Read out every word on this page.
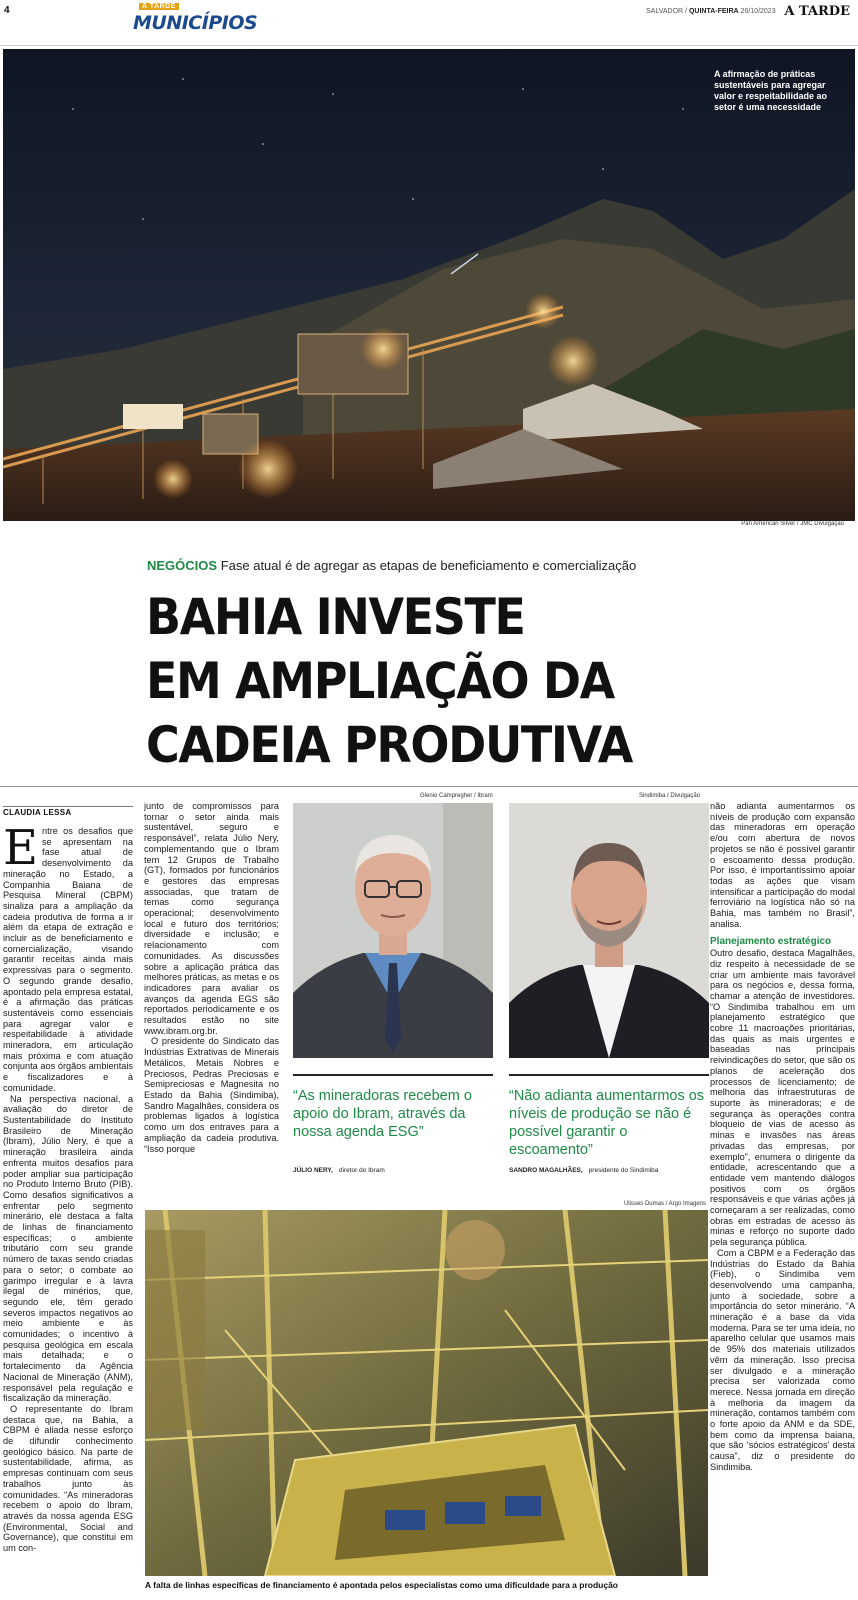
4	A TARDE
MUNICÍPIOS
SALVADOR / QUINTA-FEIRA 26/10/2023 A TARDE
A afirmação de práticas sustentáveis para agregar valor e respeitabilidade ao setor é uma necessidade
Pan American Silver / JMC Divulgação
NEGÓCIOS Fase atual é de agregar as etapas de beneficiamento e comercialização
BAHIA INVESTE
EM AMPLIAÇÃO DA
CADEIA PRODUTIVA
CLAUDIA LESSA

Entre os desafios que se apresentam na fase atual de desenvolvimento da mineração no Estado, a Companhia Baiana de Pesquisa Mineral (CBPM) sinaliza para a ampliação da cadeia produtiva de forma a ir além da etapa de extração e incluir as de beneficiamento e comercialização, visando garantir receitas ainda mais expressivas para o segmento. O segundo grande desafio, apontado pela empresa estatal, é a afirmação das práticas sustentáveis como essenciais para agregar valor e respeitabilidade à atividade mineradora, em articulação mais próxima e com atuação conjunta aos órgãos ambientais e fiscalizadores e à comunidade.

Na perspectiva nacional, a avaliação do diretor de Sustentabilidade do Instituto Brasileiro de Mineração (Ibram), Júlio Nery, é que a mineração brasileira ainda enfrenta muitos desafios para poder ampliar sua participação no Produto Interno Bruto (PIB). Como desafios significativos a enfrentar pelo segmento minerário, ele destaca a falta de linhas de financiamento específicas; o ambiente tributário com seu grande número de taxas sendo criadas para o setor; o combate ao garimpo irregular e à lavra ilegal de minérios, que, segundo ele, têm gerado severos impactos negativos ao meio ambiente e às comunidades; o incentivo à pesquisa geológica em escala mais detalhada; e o fortalecimento da Agência Nacional de Mineração (ANM), responsável pela regulação e fiscalização da mineração.

O representante do Ibram destaca que, na Bahia, a CBPM é aliada nesse esforço de difundir conhecimento geológico básico. Na parte de sustentabilidade, afirma, as empresas continuam com seus trabalhos junto às comunidades. “As mineradoras recebem o apoio do Ibram, através da nossa agenda ESG (Environmental, Social and Governance), que constitui em um con-

junto de compromissos para tornar o setor ainda mais sustentável, seguro e responsável”, relata Júlio Nery, complementando que o Ibram tem 12 Grupos de Trabalho (GT), formados por funcionários e gestores das empresas associadas, que tratam de temas como segurança operacional; desenvolvimento local e futuro dos territórios; diversidade e inclusão; e relacionamento com comunidades. As discussões sobre a aplicação prática das melhores práticas, as metas e os indicadores para avaliar os avanços da agenda EGS são reportados periodicamente e os resultados estão no site www.ibram.org.br.

O presidente do Sindicato das Indústrias Extrativas de Minerais Metálicos, Metais Nobres e Preciosos, Pedras Preciosas e Semipreciosas e Magnesita no Estado da Bahia (Sindimiba), Sandro Magalhães, considera os problemas ligados à logística como um dos entraves para a ampliação da cadeia produtiva. “Isso porque

Glenio Campregher / Ibram	Sindimiba / Divulgação
“As mineradoras recebem o apoio do Ibram, através da nossa agenda ESG”
“Não adianta aumentarmos os níveis de produção se não é possível garantir o escoamento”
JÚLIO NERY, diretor do Ibram	SANDRO MAGALHÃES, presidente do Sindimiba
Ulisses Dumas / Argo Imagens
A falta de linhas específicas de financiamento é apontada pelos especialistas como uma dificuldade para a produção

não adianta aumentarmos os níveis de produção com expansão das mineradoras em operação e/ou com abertura de novos projetos se não é possível garantir o escoamento dessa produção. Por isso, é importantíssimo apoiar todas as ações que visam intensificar a participação do modal ferroviário na logística não só na Bahia, mas também no Brasil”, analisa.

Planejamento estratégico

Outro desafio, destaca Magalhães, diz respeito à necessidade de se criar um ambiente mais favorável para os negócios e, dessa forma, chamar a atenção de investidores. “O Sindimiba trabalhou em um planejamento estratégico que cobre 11 macroações prioritárias, das quais as mais urgentes e baseadas nas principais reivindicações do setor, que são os planos de aceleração dos processos de licenciamento; de melhoria das infraestruturas de suporte às mineradoras; e de segurança às operações contra bloqueio de vias de acesso às minas e invasões nas áreas privadas das empresas, por exemplo”, enumera o dirigente da entidade, acrescentando que a entidade vem mantendo diálogos positivos com os órgãos responsáveis e que várias ações já começaram a ser realizadas, como obras em estradas de acesso às minas e reforço no suporte dado pela segurança pública.

Com a CBPM e a Federação das Indústrias do Estado da Bahia (Fieb), o Sindimiba vem desenvolvendo uma campanha, junto à sociedade, sobre a importância do setor minerário. “A mineração é a base da vida moderna. Para se ter uma ideia, no aparelho celular que usamos mais de 95% dos materiais utilizados vêm da mineração. Isso precisa ser divulgado e a mineração precisa ser valorizada como merece. Nessa jornada em direção à melhoria da imagem da mineração, contamos também com o forte apoio da ANM e da SDE, bem como da imprensa baiana, que são ‘sócios estratégicos’ desta causa”, diz o presidente do Sindimiba.
